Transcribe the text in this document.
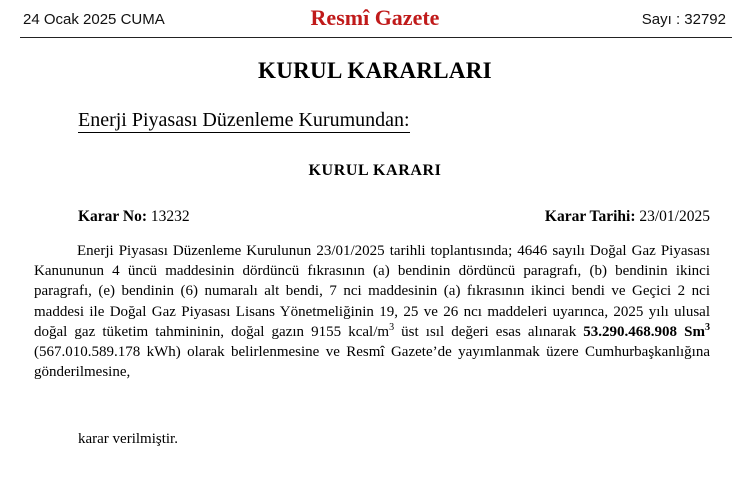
24 Ocak 2025 CUMA	Resmî Gazete	Sayı : 32792
KURUL KARARLARI
Enerji Piyasası Düzenleme Kurumundan:
KURUL KARARI
Karar No: 13232	Karar Tarihi: 23/01/2025
Enerji Piyasası Düzenleme Kurulunun 23/01/2025 tarihli toplantısında; 4646 sayılı Doğal Gaz Piyasası Kanununun 4 üncü maddesinin dördüncü fıkrasının (a) bendinin dördüncü paragrafı, (b) bendinin ikinci paragrafı, (e) bendinin (6) numaralı alt bendi, 7 nci maddesinin (a) fıkrasının ikinci bendi ve Geçici 2 nci maddesi ile Doğal Gaz Piyasası Lisans Yönetmeliğinin 19, 25 ve 26 ncı maddeleri uyarınca, 2025 yılı ulusal doğal gaz tüketim tahmininin, doğal gazın 9155 kcal/$m^3$ üst ısıl değeri esas alınarak 53.290.468.908 Sm$^3$ (567.010.589.178 kWh) olarak belirlenmesine ve Resmî Gazete’de yayımlanmak üzere Cumhurbaşkanlığına gönderilmesine,
karar verilmiştir.
